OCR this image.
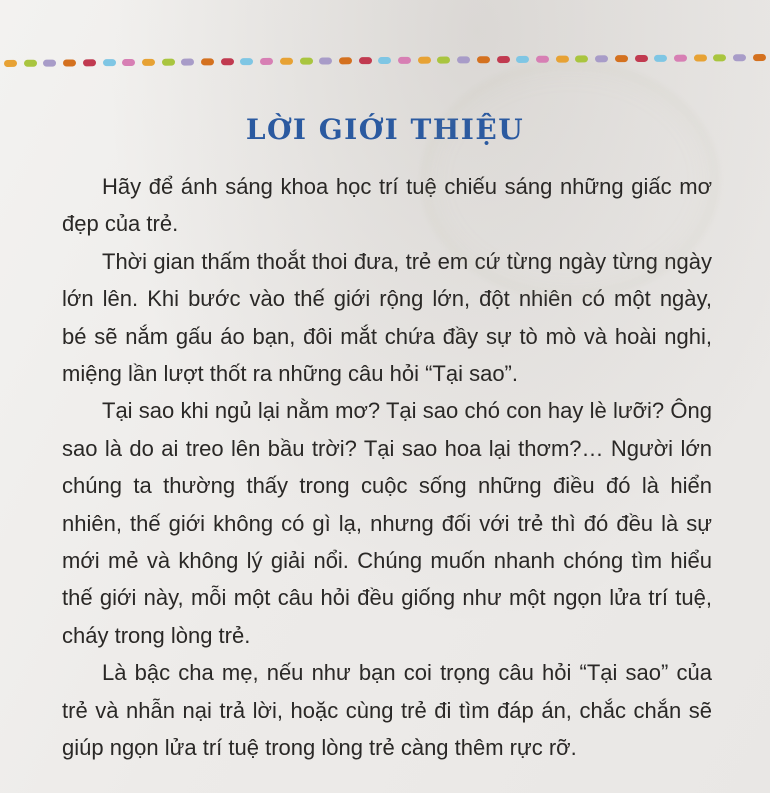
LỜI GIỚI THIỆU
Hãy để ánh sáng khoa học trí tuệ chiếu sáng những giấc mơ
đẹp của trẻ.
Thời gian thấm thoắt thoi đưa, trẻ em cứ từng ngày từng ngày
lớn lên. Khi bước vào thế giới rộng lớn, đột nhiên có một ngày,
bé sẽ nắm gấu áo bạn, đôi mắt chứa đầy sự tò mò và hoài nghi,
miệng lần lượt thốt ra những câu hỏi “Tại sao”.
Tại sao khi ngủ lại nằm mơ? Tại sao chó con hay lè lưỡi? Ông
sao là do ai treo lên bầu trời? Tại sao hoa lại thơm?… Người lớn
chúng ta thường thấy trong cuộc sống những điều đó là hiển
nhiên, thế giới không có gì lạ, nhưng đối với trẻ thì đó đều là sự
mới mẻ và không lý giải nổi. Chúng muốn nhanh chóng tìm hiểu
thế giới này, mỗi một câu hỏi đều giống như một ngọn lửa trí tuệ,
cháy trong lòng trẻ.
Là bậc cha mẹ, nếu như bạn coi trọng câu hỏi “Tại sao” của
trẻ và nhẫn nại trả lời, hoặc cùng trẻ đi tìm đáp án, chắc chắn sẽ
giúp ngọn lửa trí tuệ trong lòng trẻ càng thêm rực rỡ.
